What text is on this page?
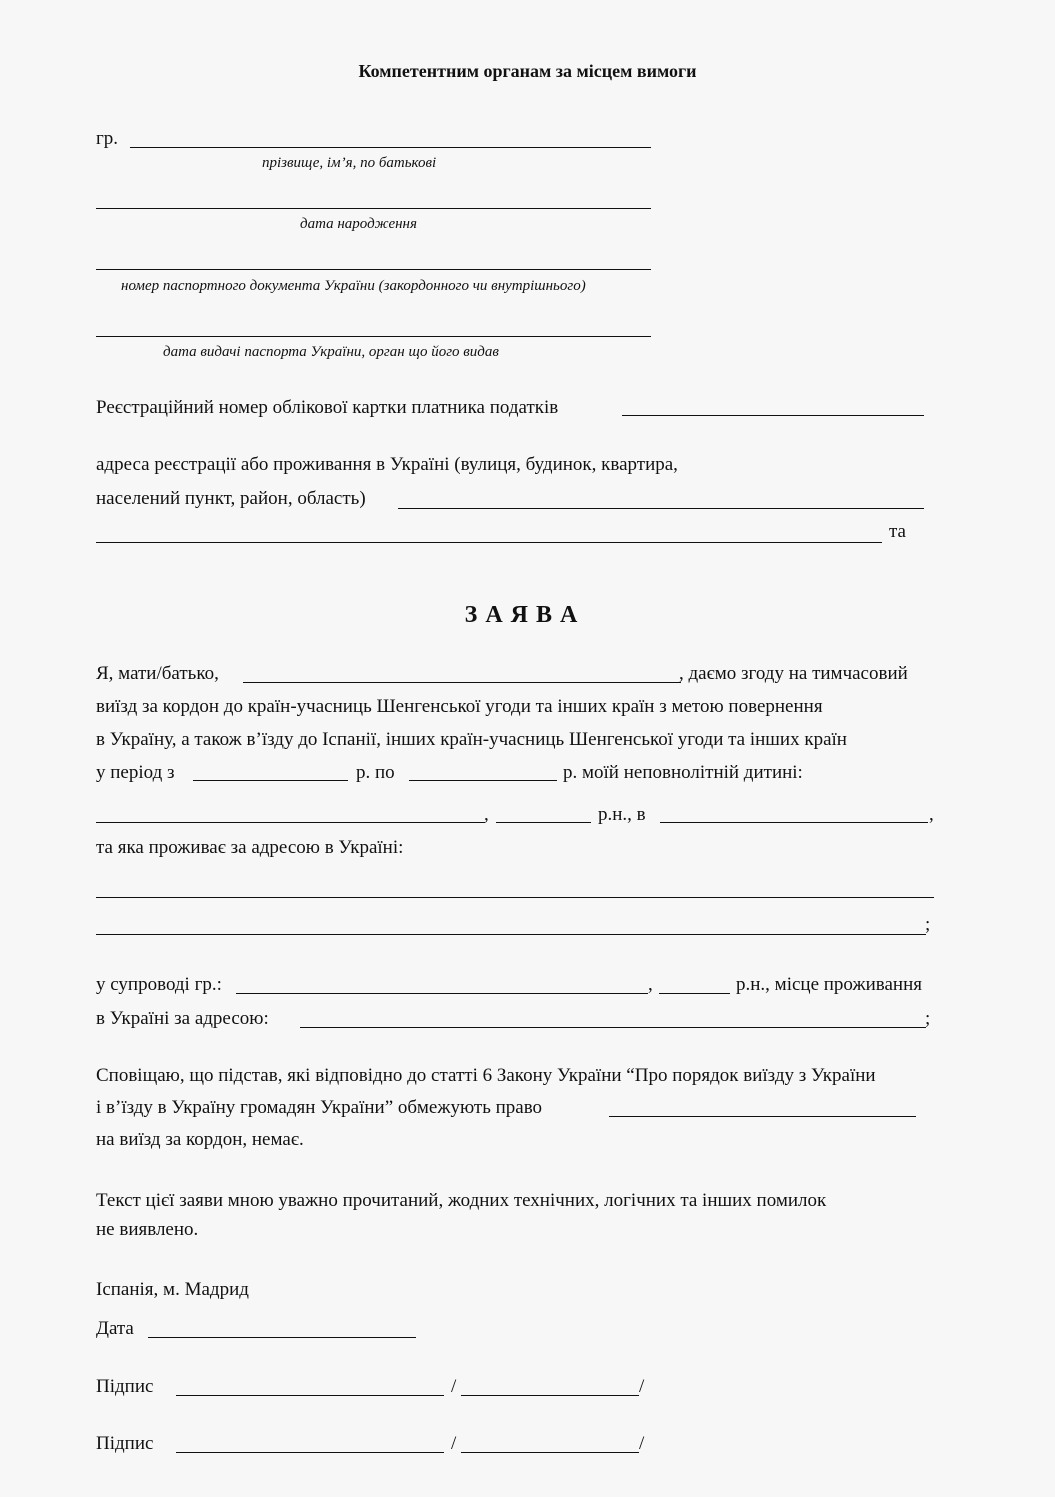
Компетентним органам за місцем вимоги
гр.
прізвище, ім’я, по батькові
дата народження
номер паспортного документа України (закордонного чи внутрішнього)
дата видачі паспорта України, орган що його видав
Реєстраційний номер облікової картки платника податків
адреса реєстрації або проживання в Україні (вулиця, будинок, квартира,
населений пункт, район, область)
та
З А Я В А
Я, мати/батько,	, даємо згоду на тимчасовий
виїзд за кордон до країн-учасниць Шенгенської угоди та інших країн з метою повернення
в Україну, а також в’їзду до Іспанії, інших країн-учасниць Шенгенської угоди та інших країн
у період з	р. по	р. моїй неповнолітній дитині:
,	р.н., в	,
та яка проживає за адресою в Україні:
;
у супроводі гр.:	,	р.н., місце проживання
в Україні за адресою:	;
Сповіщаю, що підстав, які відповідно до статті 6 Закону України “Про порядок виїзду з України
і в’їзду в Україну громадян України” обмежують право
на виїзд за кордон, немає.
Текст цієї заяви мною уважно прочитаний, жодних технічних, логічних та інших помилок
не виявлено.
Іспанія, м. Мадрид
Дата
Підпис	/	/
Підпис	/	/
